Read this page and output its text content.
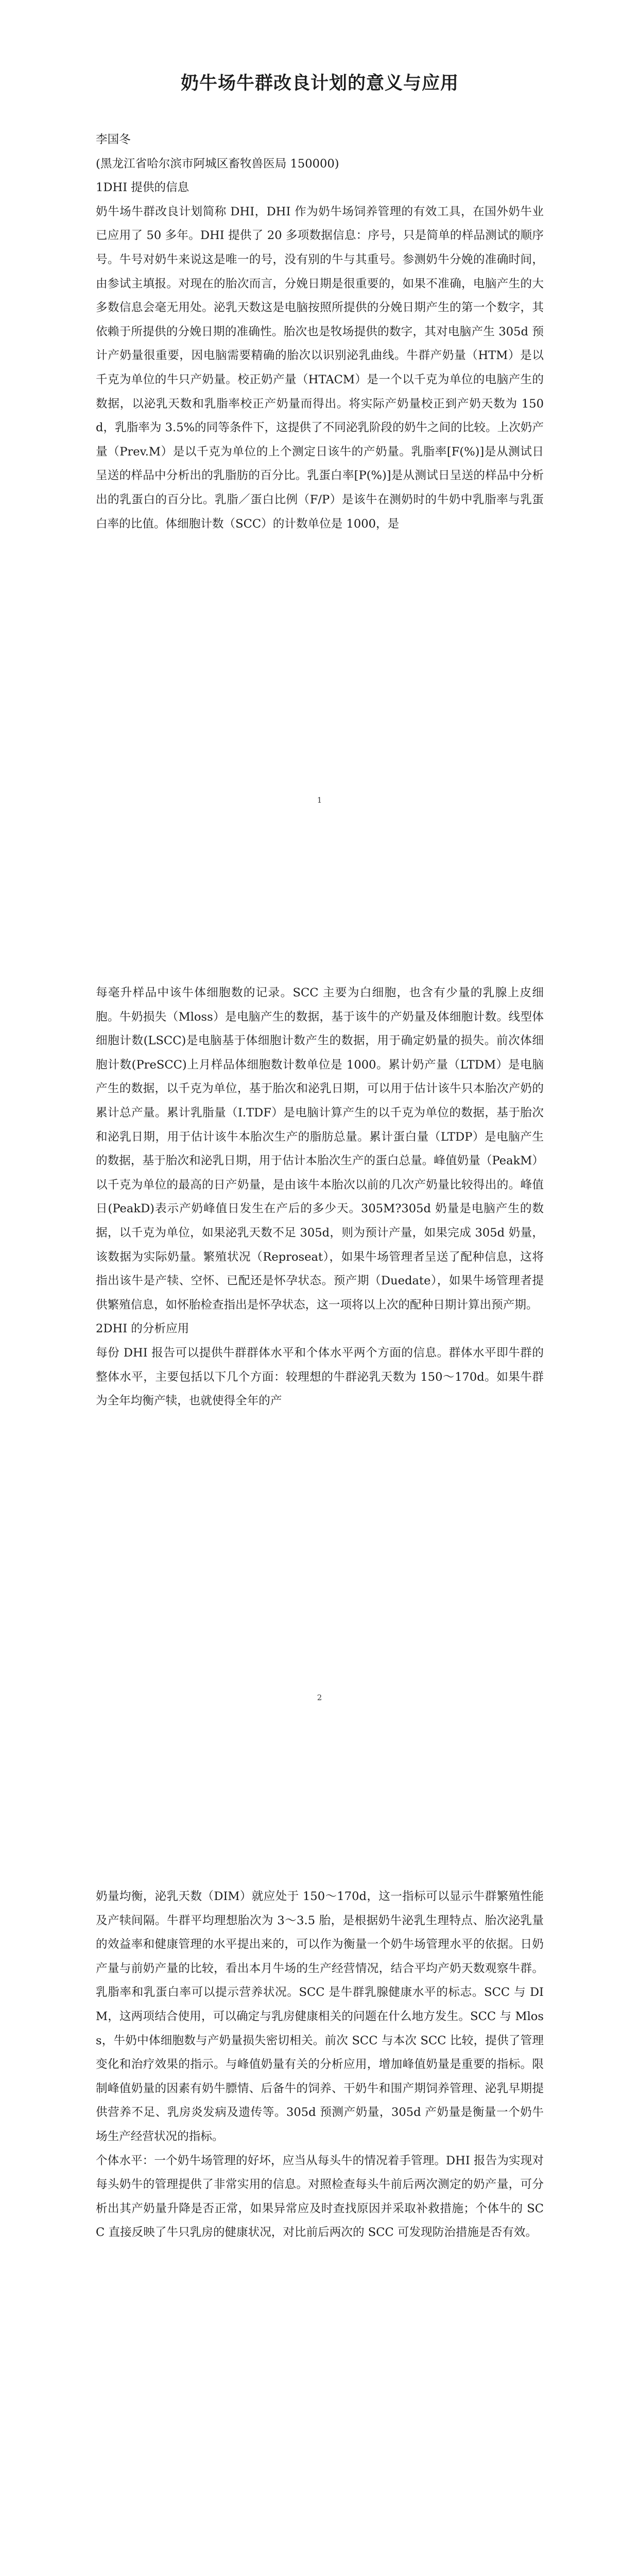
奶牛场牛群改良计划的意义与应用

李国冬

(黑龙江省哈尔滨市阿城区畜牧兽医局 150000)

1DHI 提供的信息

奶牛场牛群改良计划简称 DHI，DHI 作为奶牛场饲养管理的有效工具，在国外奶牛业已应用了 50 多年。DHI 提供了 20 多项数据信息：序号，只是简单的样品测试的顺序号。牛号对奶牛来说这是唯一的号，没有别的牛与其重号。参测奶牛分娩的准确时间，由参试主填报。对现在的胎次而言，分娩日期是很重要的，如果不准确，电脑产生的大多数信息会毫无用处。泌乳天数这是电脑按照所提供的分娩日期产生的第一个数字，其依赖于所提供的分娩日期的准确性。胎次也是牧场提供的数字，其对电脑产生 305d 预计产奶量很重要，因电脑需要精确的胎次以识别泌乳曲线。牛群产奶量（HTM）是以千克为单位的牛只产奶量。校正奶产量（HTACM）是一个以千克为单位的电脑产生的数据，以泌乳天数和乳脂率校正产奶量而得出。将实际产奶量校正到产奶天数为 150d，乳脂率为 3.5%的同等条件下，这提供了不同泌乳阶段的奶牛之间的比较。上次奶产量（Prev.M）是以千克为单位的上个测定日该牛的产奶量。乳脂率[F(%)]是从测试日呈送的样品中分析出的乳脂肪的百分比。乳蛋白率[P(%)]是从测试日呈送的样品中分析出的乳蛋白的百分比。乳脂／蛋白比例（F/P）是该牛在测奶时的牛奶中乳脂率与乳蛋白率的比值。体细胞计数（SCC）的计数单位是 1000，是

1

每毫升样品中该牛体细胞数的记录。SCC 主要为白细胞，也含有少量的乳腺上皮细胞。牛奶损失（Mloss）是电脑产生的数据，基于该牛的产奶量及体细胞计数。线型体细胞计数(LSCC)是电脑基于体细胞计数产生的数据，用于确定奶量的损失。前次体细胞计数(PreSCC)上月样品体细胞数计数单位是 1000。累计奶产量（LTDM）是电脑产生的数据，以千克为单位，基于胎次和泌乳日期，可以用于估计该牛只本胎次产奶的累计总产量。累计乳脂量（I.TDF）是电脑计算产生的以千克为单位的数据，基于胎次和泌乳日期，用于估计该牛本胎次生产的脂肪总量。累计蛋白量（LTDP）是电脑产生的数据，基于胎次和泌乳日期，用于估计本胎次生产的蛋白总量。峰值奶量（PeakM）以千克为单位的最高的日产奶量，是由该牛本胎次以前的几次产奶量比较得出的。峰值日(PeakD)表示产奶峰值日发生在产后的多少天。305M?305d 奶量是电脑产生的数据，以千克为单位，如果泌乳天数不足 305d，则为预计产量，如果完成 305d 奶量，该数据为实际奶量。繁殖状况（Reproseat），如果牛场管理者呈送了配种信息，这将指出该牛是产犊、空怀、已配还是怀孕状态。预产期（Duedate），如果牛场管理者提供繁殖信息，如怀胎检查指出是怀孕状态，这一项将以上次的配种日期计算出预产期。

2DHI 的分析应用

每份 DHI 报告可以提供牛群群体水平和个体水平两个方面的信息。群体水平即牛群的整体水平，主要包括以下几个方面：较理想的牛群泌乳天数为 150～170d。如果牛群为全年均衡产犊，也就使得全年的产

2

奶量均衡，泌乳天数（DIM）就应处于 150～170d，这一指标可以显示牛群繁殖性能及产犊间隔。牛群平均理想胎次为 3～3.5 胎，是根据奶牛泌乳生理特点、胎次泌乳量的效益率和健康管理的水平提出来的，可以作为衡量一个奶牛场管理水平的依据。日奶产量与前奶产量的比较，看出本月牛场的生产经营情况，结合平均产奶天数观察牛群。乳脂率和乳蛋白率可以提示营养状况。SCC 是牛群乳腺健康水平的标志。SCC 与 DIM，这两项结合使用，可以确定与乳房健康相关的问题在什么地方发生。SCC 与 Mloss，牛奶中体细胞数与产奶量损失密切相关。前次 SCC 与本次 SCC 比较，提供了管理变化和治疗效果的指示。与峰值奶量有关的分析应用，增加峰值奶量是重要的指标。限制峰值奶量的因素有奶牛膘情、后备牛的饲养、干奶牛和围产期饲养管理、泌乳早期提供营养不足、乳房炎发病及遗传等。305d 预测产奶量，305d 产奶量是衡量一个奶牛场生产经营状况的指标。

个体水平：一个奶牛场管理的好坏，应当从每头牛的情况着手管理。DHI 报告为实现对每头奶牛的管理提供了非常实用的信息。对照检查每头牛前后两次测定的奶产量，可分析出其产奶量升降是否正常，如果异常应及时查找原因并采取补救措施；个体牛的 SCC 直接反映了牛只乳房的健康状况，对比前后两次的 SCC 可发现防治措施是否有效。
